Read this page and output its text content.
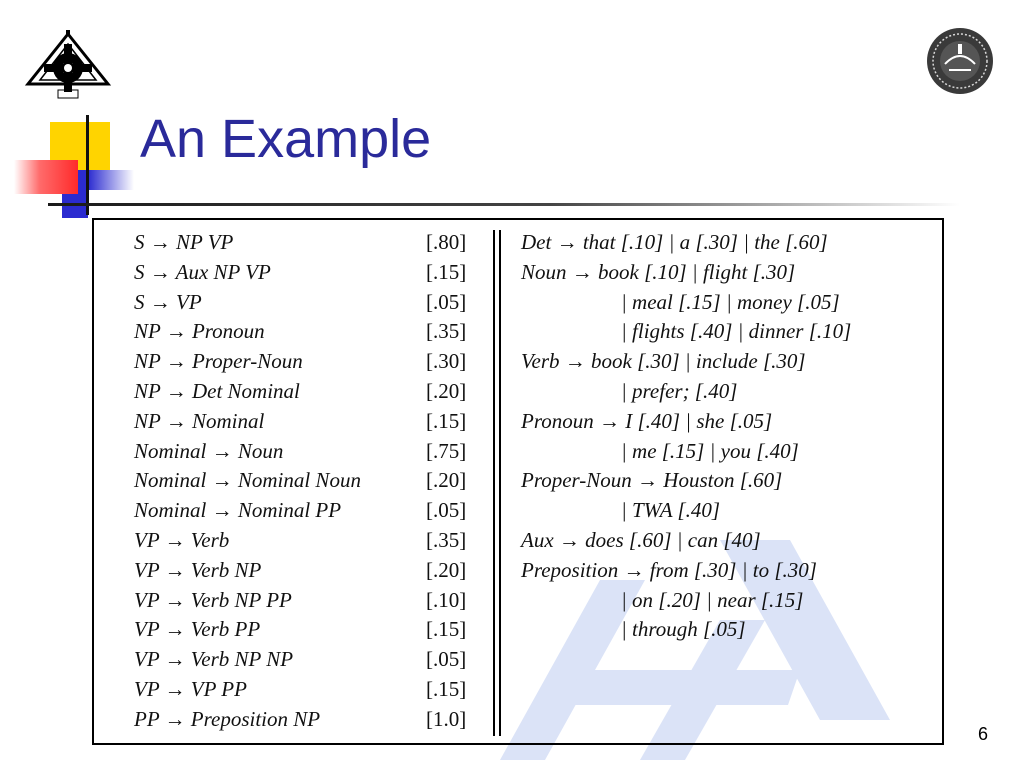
An Example
S → NP VP	[.80]
S → Aux NP VP	[.15]
S → VP	[.05]
NP → Pronoun	[.35]
NP → Proper-Noun	[.30]
NP → Det Nominal	[.20]
NP → Nominal	[.15]
Nominal → Noun	[.75]
Nominal → Nominal Noun	[.20]
Nominal → Nominal PP	[.05]
VP → Verb	[.35]
VP → Verb NP	[.20]
VP → Verb NP PP	[.10]
VP → Verb PP	[.15]
VP → Verb NP NP	[.05]
VP → VP PP	[.15]
PP → Preposition NP	[1.0]
Det → that [.10] | a [.30] | the [.60]
Noun → book [.10] | flight [.30]
| meal [.15] | money [.05]
| flights [.40] | dinner [.10]
Verb → book [.30] | include [.30]
| prefer; [.40]
Pronoun → I [.40] | she [.05]
| me [.15] | you [.40]
Proper-Noun → Houston [.60]
| TWA [.40]
Aux → does [.60] | can [40]
Preposition → from [.30] | to [.30]
| on [.20] | near [.15]
| through [.05]
6
